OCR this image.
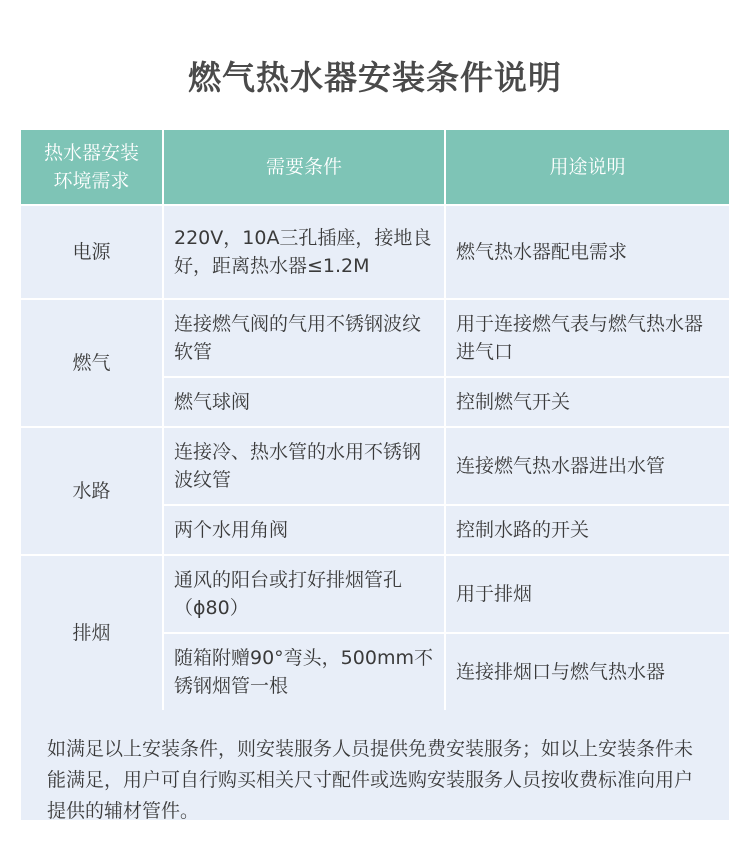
燃气热水器安装条件说明
热水器安装环境需求	需要条件	用途说明
电源	220V，10A三孔插座，接地良好，距离热水器≤1.2M	燃气热水器配电需求
燃气	连接燃气阀的气用不锈钢波纹软管	用于连接燃气表与燃气热水器进气口
	燃气球阀	控制燃气开关
水路	连接冷、热水管的水用不锈钢波纹管	连接燃气热水器进出水管
	两个水用角阀	控制水路的开关
排烟	通风的阳台或打好排烟管孔（ϕ80）	用于排烟
	随箱附赠90°弯头，500mm不锈钢烟管一根	连接排烟口与燃气热水器
如满足以上安装条件，则安装服务人员提供免费安装服务；如以上安装条件未能满足，用户可自行购买相关尺寸配件或选购安装服务人员按收费标准向用户提供的辅材管件。
